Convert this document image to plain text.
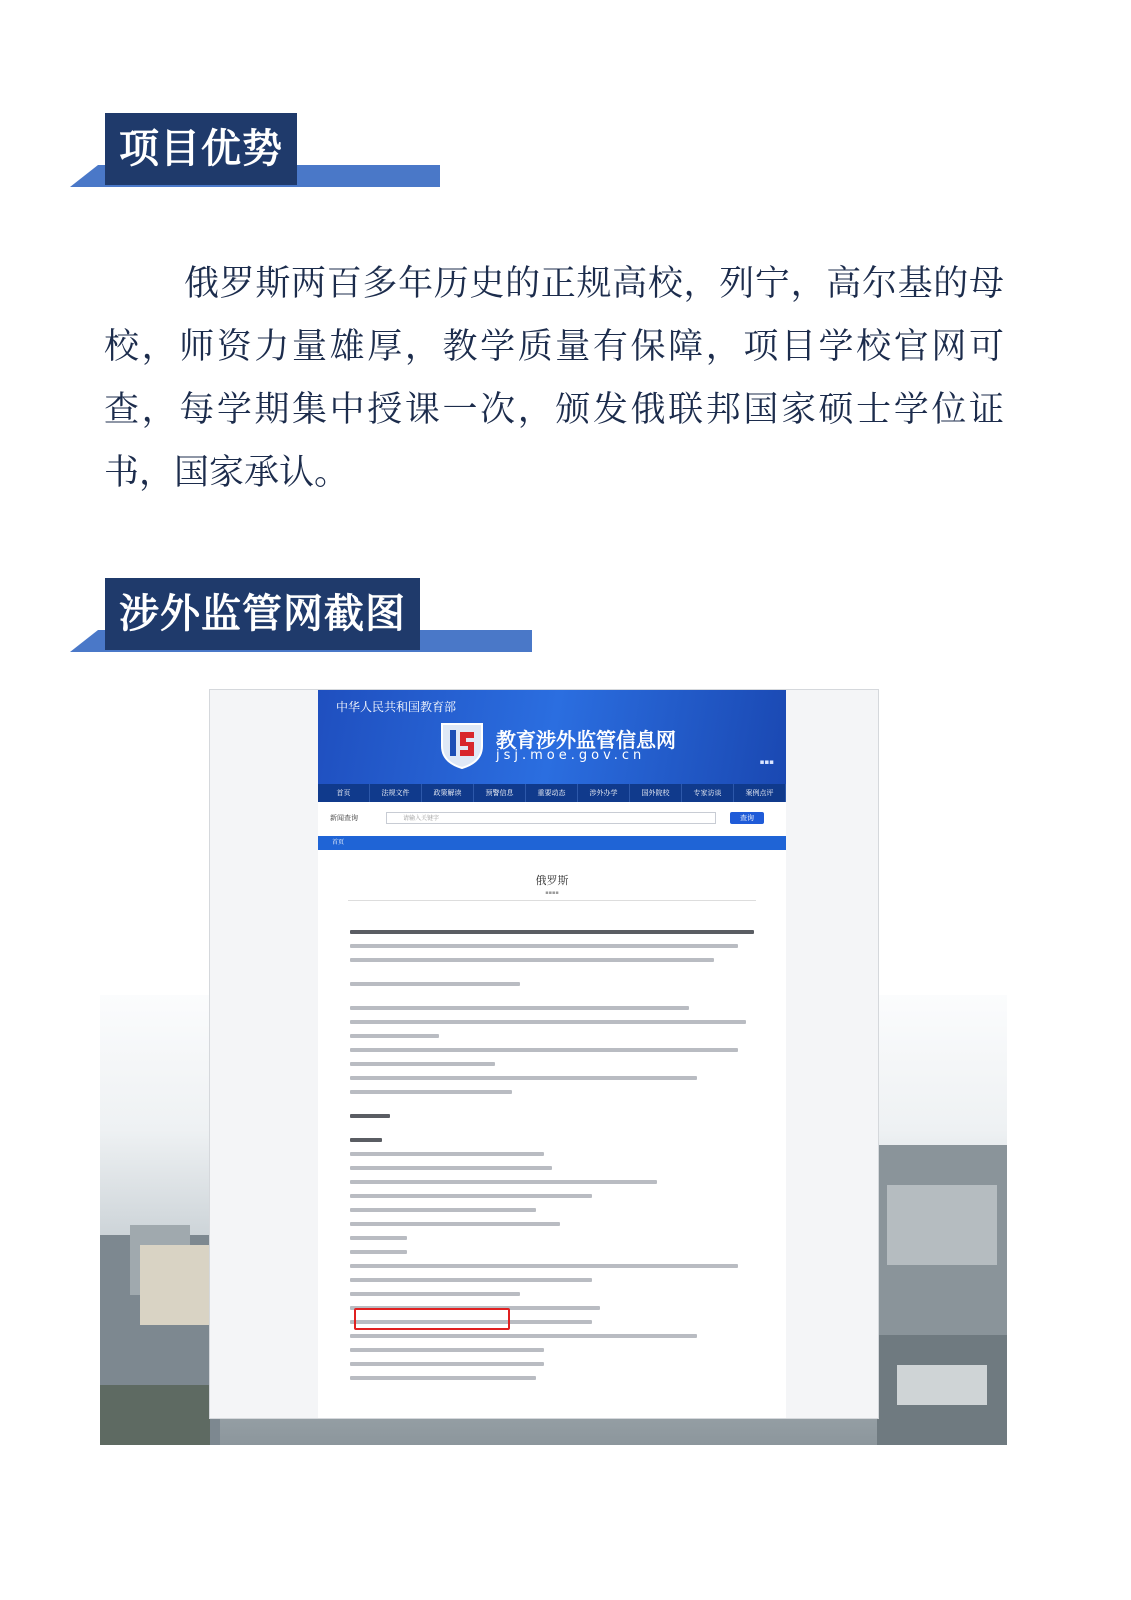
项目优势

俄罗斯两百多年历史的正规高校，列宁，高尔基的母校，师资力量雄厚，教学质量有保障，项目学校官网可查，每学期集中授课一次，颁发俄联邦国家硕士学位证书，国家承认。

涉外监管网截图
中华人民共和国教育部
教育涉外监管信息网
jsj.moe.gov.cn	▪▪▪
首页	法规文件	政策解读	预警信息	重要动态	涉外办学	国外院校	专家访谈	案例点评
新闻查询	请输入关键字	查询
首页
俄罗斯
▪▪▪▪
